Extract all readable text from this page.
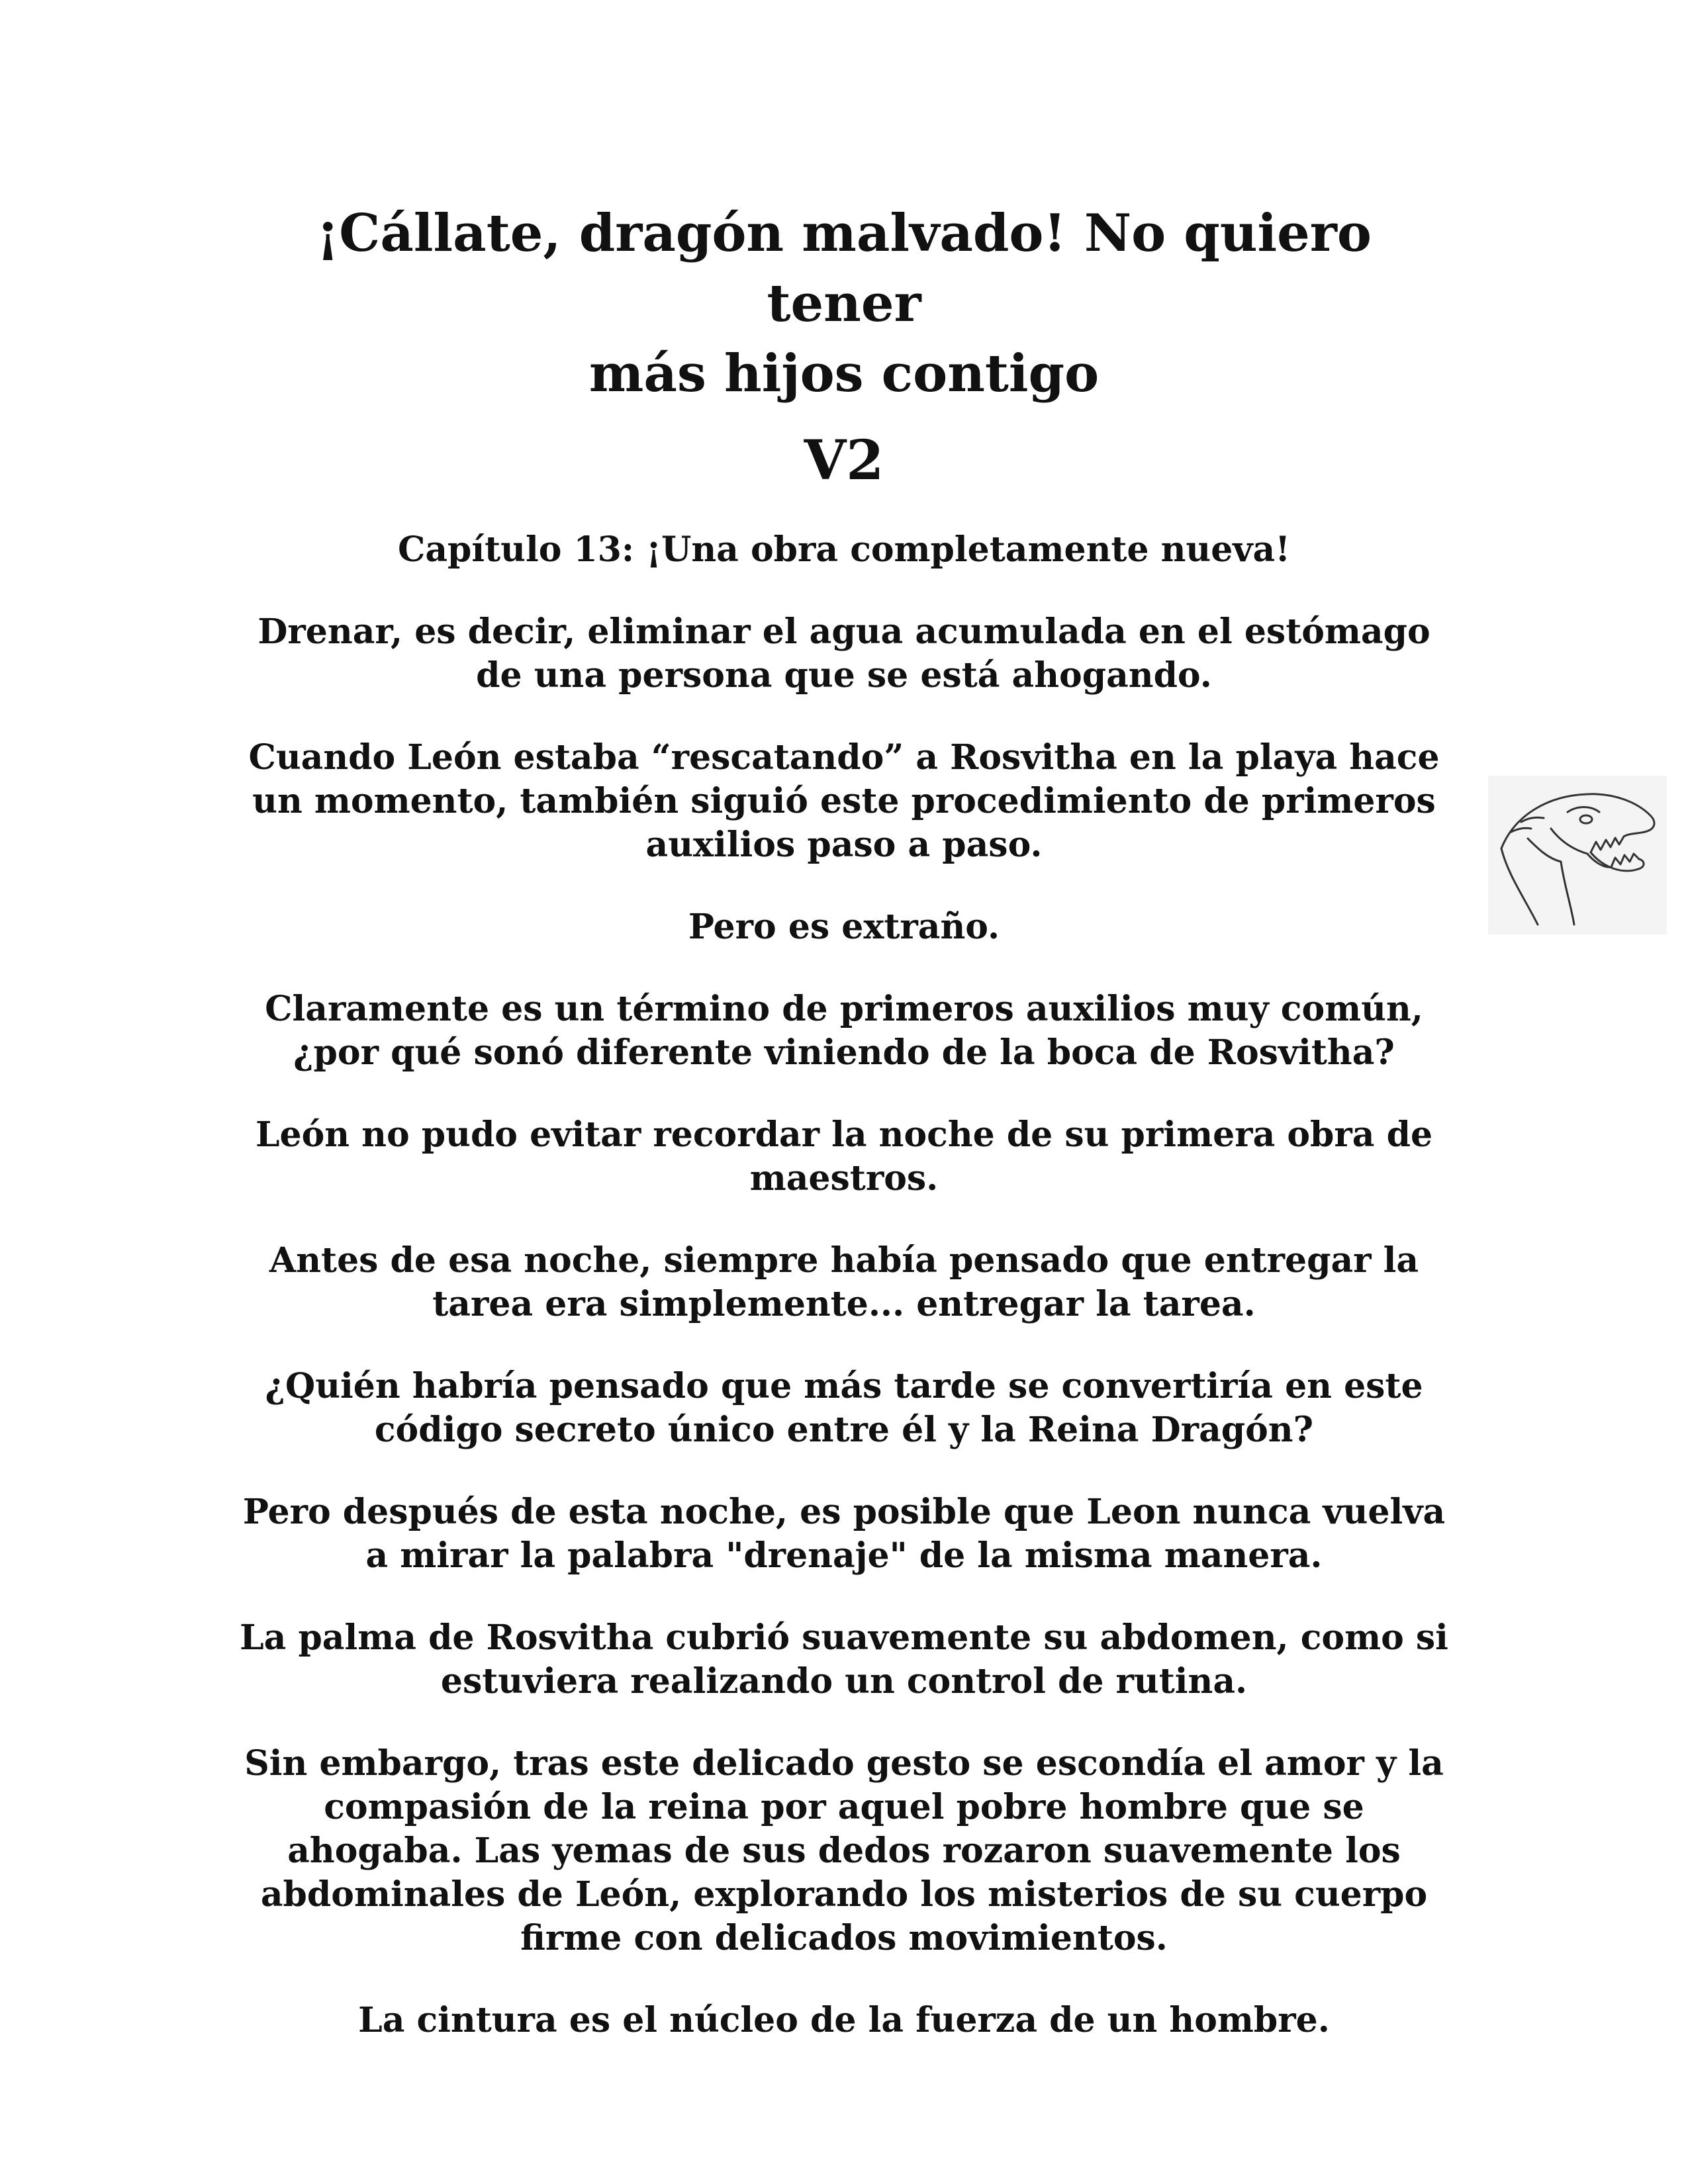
¡Cállate, dragón malvado! No quiero tener
más hijos contigo
V2

Capítulo 13: ¡Una obra completamente nueva!

Drenar, es decir, eliminar el agua acumulada en el estómago de una persona que se está ahogando.

Cuando León estaba “rescatando” a Rosvitha en la playa hace un momento, también siguió este procedimiento de primeros auxilios paso a paso.

Pero es extraño.

Claramente es un término de primeros auxilios muy común, ¿por qué sonó diferente viniendo de la boca de Rosvitha?

León no pudo evitar recordar la noche de su primera obra de maestros.

Antes de esa noche, siempre había pensado que entregar la tarea era simplemente... entregar la tarea.

¿Quién habría pensado que más tarde se convertiría en este código secreto único entre él y la Reina Dragón?

Pero después de esta noche, es posible que Leon nunca vuelva a mirar la palabra "drenaje" de la misma manera.

La palma de Rosvitha cubrió suavemente su abdomen, como si estuviera realizando un control de rutina.

Sin embargo, tras este delicado gesto se escondía el amor y la compasión de la reina por aquel pobre hombre que se ahogaba. Las yemas de sus dedos rozaron suavemente los abdominales de León, explorando los misterios de su cuerpo firme con delicados movimientos.

La cintura es el núcleo de la fuerza de un hombre.
